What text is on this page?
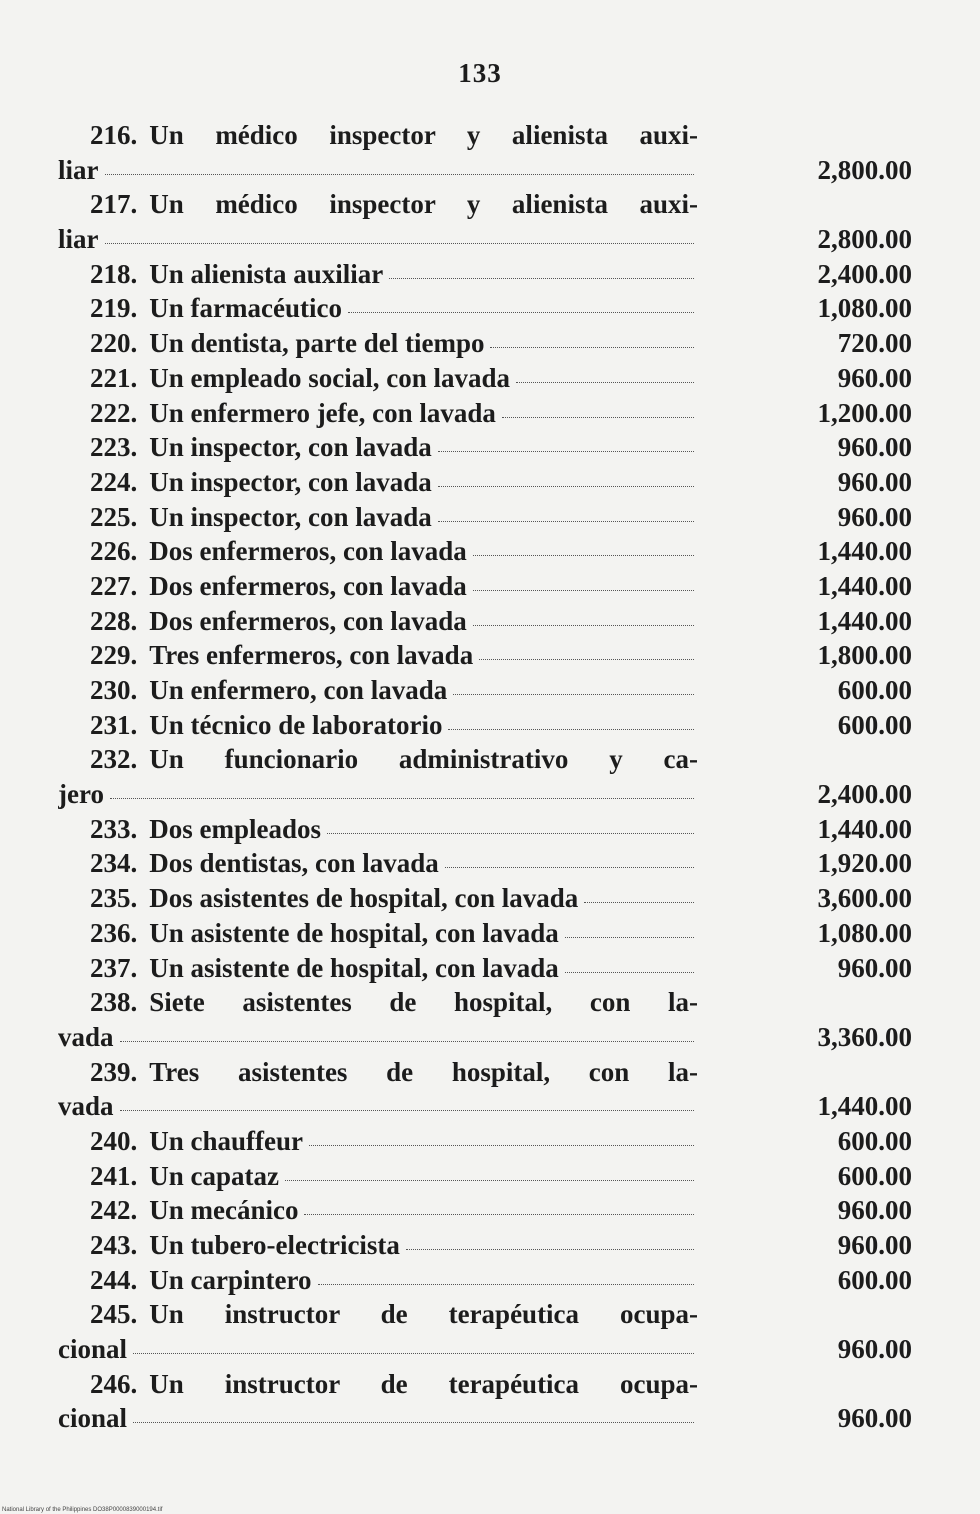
133
216. Un médico inspector y alienista auxi-
liar	2,800.00
217. Un médico inspector y alienista auxi-
liar	2,800.00
218. Un alienista auxiliar	2,400.00
219. Un farmacéutico	1,080.00
220. Un dentista, parte del tiempo	720.00
221. Un empleado social, con lavada	960.00
222. Un enfermero jefe, con lavada	1,200.00
223. Un inspector, con lavada	960.00
224. Un inspector, con lavada	960.00
225. Un inspector, con lavada	960.00
226. Dos enfermeros, con lavada	1,440.00
227. Dos enfermeros, con lavada	1,440.00
228. Dos enfermeros, con lavada	1,440.00
229. Tres enfermeros, con lavada	1,800.00
230. Un enfermero, con lavada	600.00
231. Un técnico de laboratorio	600.00
232. Un funcionario administrativo y ca-
jero	2,400.00
233. Dos empleados	1,440.00
234. Dos dentistas, con lavada	1,920.00
235. Dos asistentes de hospital, con lavada	3,600.00
236. Un asistente de hospital, con lavada	1,080.00
237. Un asistente de hospital, con lavada	960.00
238. Siete asistentes de hospital, con la-
vada	3,360.00
239. Tres asistentes de hospital, con la-
vada	1,440.00
240. Un chauffeur	600.00
241. Un capataz	600.00
242. Un mecánico	960.00
243. Un tubero-electricista	960.00
244. Un carpintero	600.00
245. Un instructor de terapéutica ocupa-
cional	960.00
246. Un instructor de terapéutica ocupa-
cional	960.00
National Library of the Philippines DO38P0000839000194.tif
